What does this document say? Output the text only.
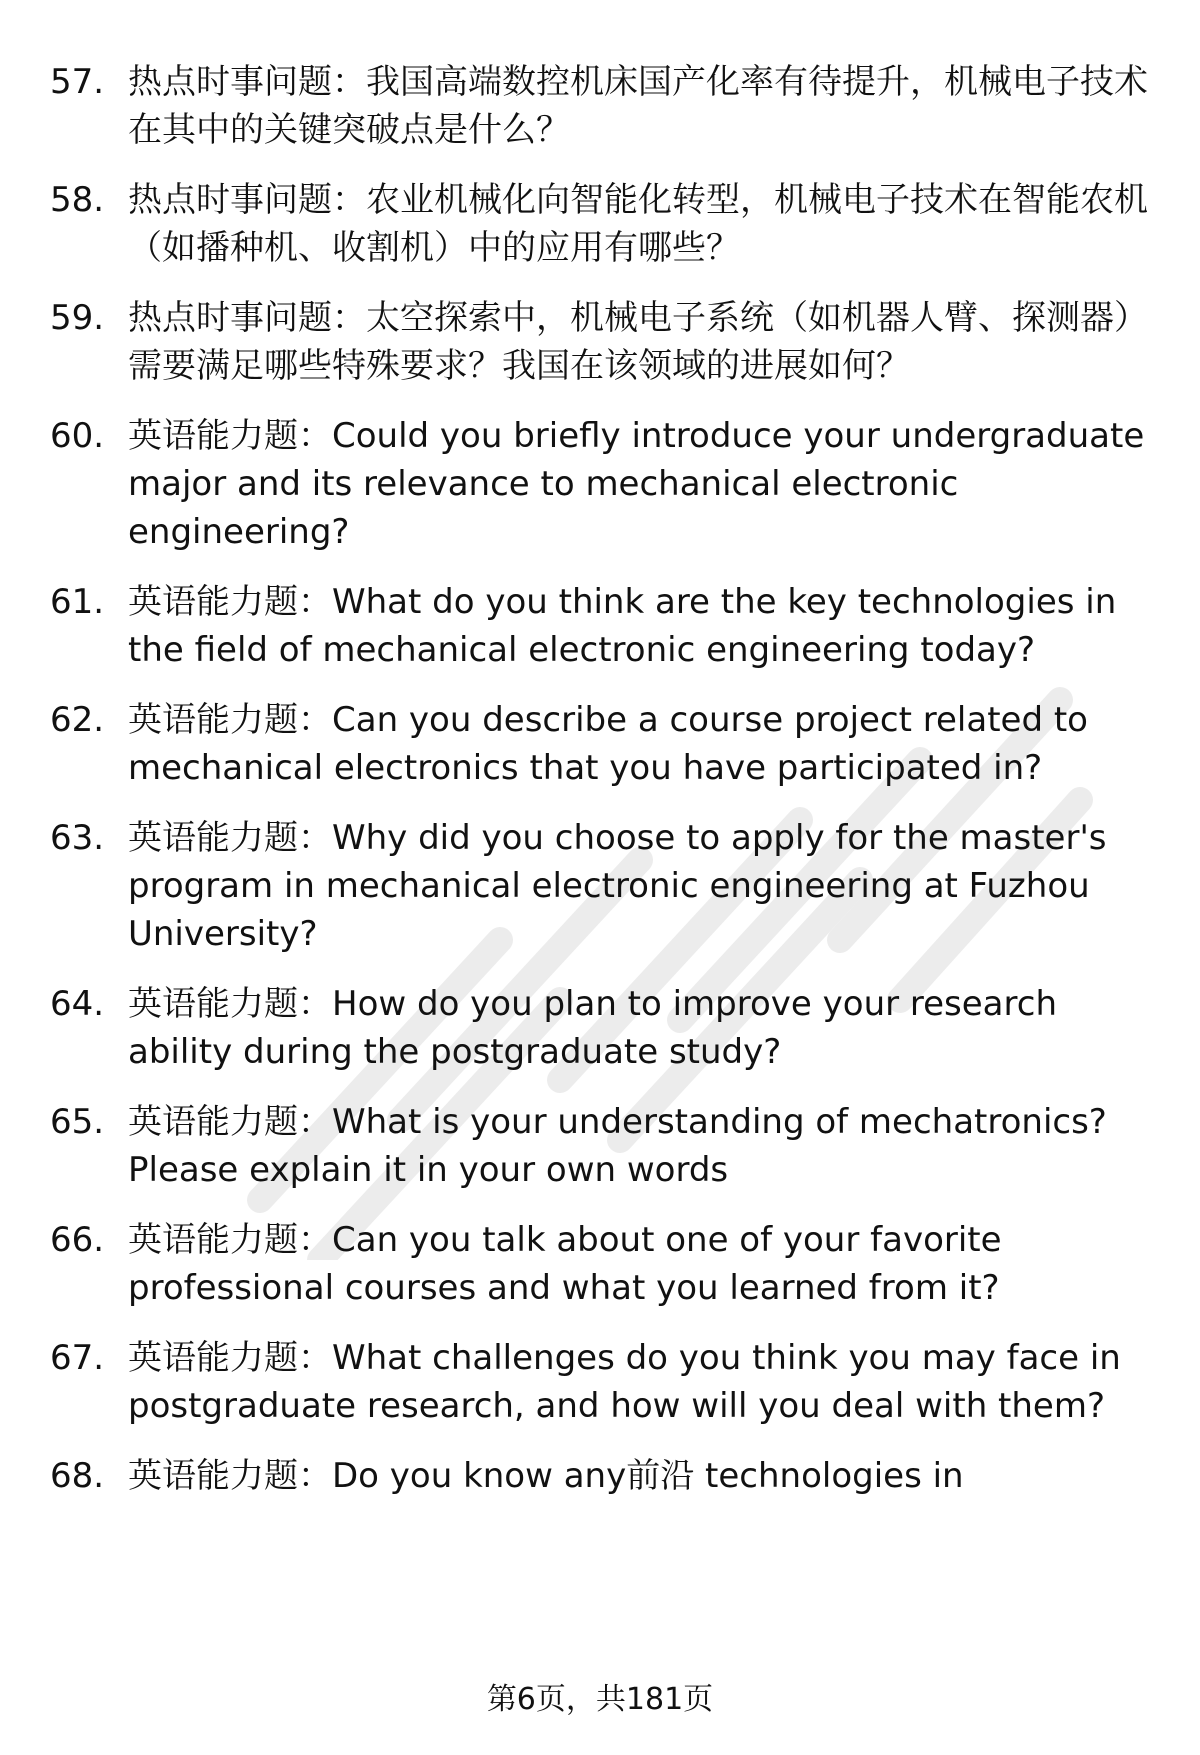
57. 热点时事问题：我国高端数控机床国产化率有待提升，机械电子技术在其中的关键突破点是什么？
58. 热点时事问题：农业机械化向智能化转型，机械电子技术在智能农机（如播种机、收割机）中的应用有哪些？
59. 热点时事问题：太空探索中，机械电子系统（如机器人臂、探测器）需要满足哪些特殊要求？我国在该领域的进展如何？
60. 英语能力题：Could you briefly introduce your undergraduate major and its relevance to mechanical electronic engineering?
61. 英语能力题：What do you think are the key technologies in the field of mechanical electronic engineering today?
62. 英语能力题：Can you describe a course project related to mechanical electronics that you have participated in?
63. 英语能力题：Why did you choose to apply for the master's program in mechanical electronic engineering at Fuzhou University?
64. 英语能力题：How do you plan to improve your research ability during the postgraduate study?
65. 英语能力题：What is your understanding of mechatronics? Please explain it in your own words
66. 英语能力题：Can you talk about one of your favorite professional courses and what you learned from it?
67. 英语能力题：What challenges do you think you may face in postgraduate research, and how will you deal with them?
68. 英语能力题：Do you know any前沿 technologies in
第6页，共181页
